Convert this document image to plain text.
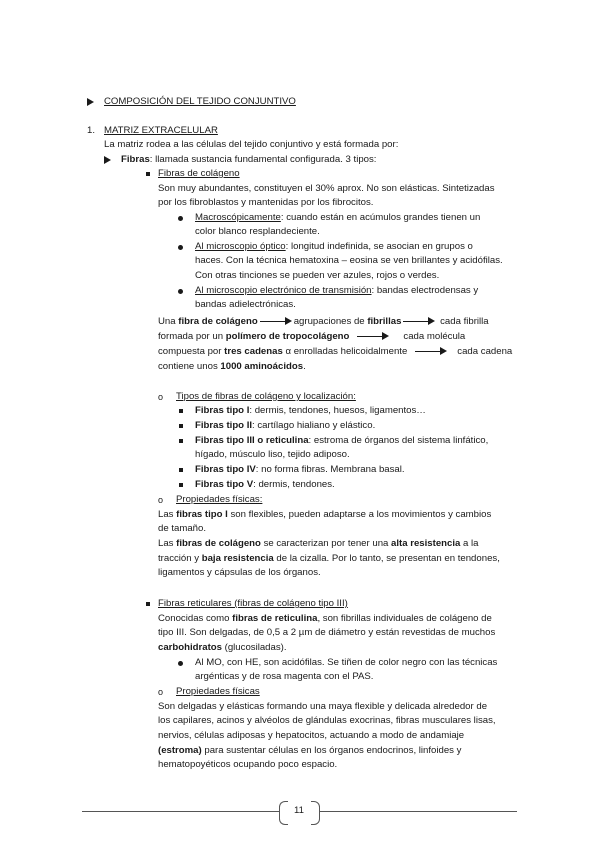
COMPOSICIÓN DEL TEJIDO CONJUNTIVO
1. MATRIZ EXTRACELULAR
La matriz rodea a las células del tejido conjuntivo y está formada por:
Fibras: llamada sustancia fundamental configurada. 3 tipos:
Fibras de colágeno
Son muy abundantes, constituyen el 30% aprox. No son elásticas. Sintetizadas
por los fibroblastos y mantenidas por los fibrocitos.
Macroscópicamente: cuando están en acúmulos grandes tienen un
color blanco resplandeciente.
Al microscopio óptico: longitud indefinida, se asocian en grupos o
haces. Con la técnica hematoxina – eosina se ven brillantes y acidófilas.
Con otras tinciones se pueden ver azules, rojos o verdes.
Al microscopio electrónico de transmisión: bandas electrodensas y
bandas adielectrónicas.
Una fibra de colágeno	agrupaciones de fibrillas	cada fibrilla
formada por un polímero de tropocolágeno	cada molécula
compuesta por tres cadenas α enrolladas helicoidalmente	cada cadena
contiene unos 1000 aminoácidos.
o Tipos de fibras de colágeno y localización:
Fibras tipo I: dermis, tendones, huesos, ligamentos…
Fibras tipo II: cartílago hialiano y elástico.
Fibras tipo III o reticulina: estroma de órganos del sistema linfático,
hígado, músculo liso, tejido adiposo.
Fibras tipo IV: no forma fibras. Membrana basal.
Fibras tipo V: dermis, tendones.
o Propiedades físicas:
Las fibras tipo I son flexibles, pueden adaptarse a los movimientos y cambios
de tamaño.
Las fibras de colágeno se caracterizan por tener una alta resistencia a la
tracción y baja resistencia de la cizalla. Por lo tanto, se presentan en tendones,
ligamentos y cápsulas de los órganos.
Fibras reticulares (fibras de colágeno tipo III)
Conocidas como fibras de reticulina, son fibrillas individuales de colágeno de
tipo III. Son delgadas, de 0,5 a 2 µm de diámetro y están revestidas de muchos
carbohidratos (glucosiladas).
Al MO, con HE, son acidófilas. Se tiñen de color negro con las técnicas
argénticas y de rosa magenta con el PAS.
o Propiedades físicas
Son delgadas y elásticas formando una maya flexible y delicada alrededor de
los capilares, acinos y alvéolos de glándulas exocrinas, fibras musculares lisas,
nervios, células adiposas y hepatocitos, actuando a modo de andamiaje
(estroma) para sustentar células en los órganos endocrinos, linfoides y
hematopoyéticos ocupando poco espacio.
11
